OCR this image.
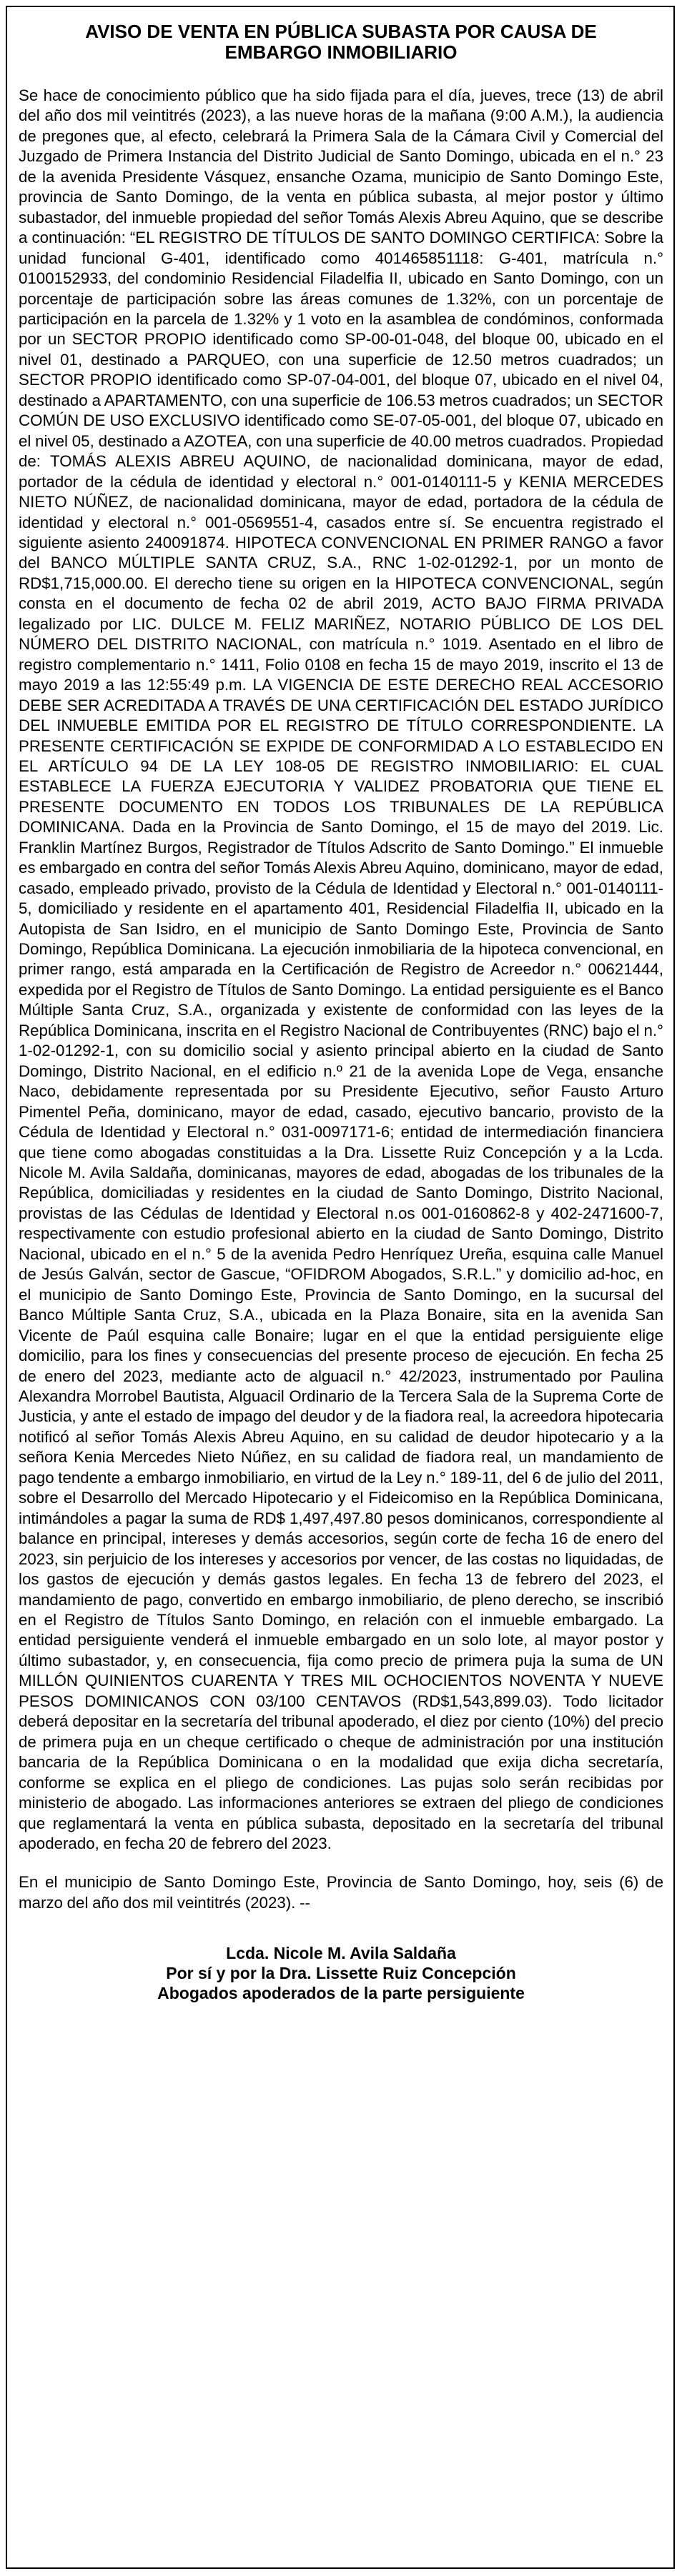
AVISO DE VENTA EN PÚBLICA SUBASTA POR CAUSA DE
EMBARGO INMOBILIARIO

Se hace de conocimiento público que ha sido fijada para el día, jueves, trece (13) de abril del año dos mil veintitrés (2023), a las nueve horas de la mañana (9:00 A.M.), la audiencia de pregones que, al efecto, celebrará la Primera Sala de la Cámara Civil y Comercial del Juzgado de Primera Instancia del Distrito Judicial de Santo Domingo, ubicada en el n.° 23 de la avenida Presidente Vásquez, ensanche Ozama, municipio de Santo Domingo Este, provincia de Santo Domingo, de la venta en pública subasta, al mejor postor y último subastador, del inmueble propiedad del señor Tomás Alexis Abreu Aquino, que se describe a continuación: “EL REGISTRO DE TÍTULOS DE SANTO DOMINGO CERTIFICA: Sobre la unidad funcional G-401, identificado como 401465851118: G-401, matrícula n.° 0100152933, del condominio Residencial Filadelfia II, ubicado en Santo Domingo, con un porcentaje de participación sobre las áreas comunes de 1.32%, con un porcentaje de participación en la parcela de 1.32% y 1 voto en la asamblea de condóminos, conformada por un SECTOR PROPIO identificado como SP-00-01-048, del bloque 00, ubicado en el nivel 01, destinado a PARQUEO, con una superficie de 12.50 metros cuadrados; un SECTOR PROPIO identificado como SP-07-04-001, del bloque 07, ubicado en el nivel 04, destinado a APARTAMENTO, con una superficie de 106.53 metros cuadrados; un SECTOR COMÚN DE USO EXCLUSIVO identificado como SE-07-05-001, del bloque 07, ubicado en el nivel 05, destinado a AZOTEA, con una superficie de 40.00 metros cuadrados. Propiedad de: TOMÁS ALEXIS ABREU AQUINO, de nacionalidad dominicana, mayor de edad, portador de la cédula de identidad y electoral n.° 001-0140111-5 y KENIA MERCEDES NIETO NÚÑEZ, de nacionalidad dominicana, mayor de edad, portadora de la cédula de identidad y electoral n.° 001-0569551-4, casados entre sí. Se encuentra registrado el siguiente asiento 240091874. HIPOTECA CONVENCIONAL EN PRIMER RANGO a favor del BANCO MÚLTIPLE SANTA CRUZ, S.A., RNC 1-02-01292-1, por un monto de RD$1,715,000.00. El derecho tiene su origen en la HIPOTECA CONVENCIONAL, según consta en el documento de fecha 02 de abril 2019, ACTO BAJO FIRMA PRIVADA legalizado por LIC. DULCE M. FELIZ MARIÑEZ, NOTARIO PÚBLICO DE LOS DEL NÚMERO DEL DISTRITO NACIONAL, con matrícula n.° 1019. Asentado en el libro de registro complementario n.° 1411, Folio 0108 en fecha 15 de mayo 2019, inscrito el 13 de mayo 2019 a las 12:55:49 p.m. LA VIGENCIA DE ESTE DERECHO REAL ACCESORIO DEBE SER ACREDITADA A TRAVÉS DE UNA CERTIFICACIÓN DEL ESTADO JURÍDICO DEL INMUEBLE EMITIDA POR EL REGISTRO DE TÍTULO CORRESPONDIENTE. LA PRESENTE CERTIFICACIÓN SE EXPIDE DE CONFORMIDAD A LO ESTABLECIDO EN EL ARTÍCULO 94 DE LA LEY 108-05 DE REGISTRO INMOBILIARIO: EL CUAL ESTABLECE LA FUERZA EJECUTORIA Y VALIDEZ PROBATORIA QUE TIENE EL PRESENTE DOCUMENTO EN TODOS LOS TRIBUNALES DE LA REPÚBLICA DOMINICANA. Dada en la Provincia de Santo Domingo, el 15 de mayo del 2019. Lic. Franklin Martínez Burgos, Registrador de Títulos Adscrito de Santo Domingo.” El inmueble es embargado en contra del señor Tomás Alexis Abreu Aquino, dominicano, mayor de edad, casado, empleado privado, provisto de la Cédula de Identidad y Electoral n.° 001-0140111-5, domiciliado y residente en el apartamento 401, Residencial Filadelfia II, ubicado en la Autopista de San Isidro, en el municipio de Santo Domingo Este, Provincia de Santo Domingo, República Dominicana. La ejecución inmobiliaria de la hipoteca convencional, en primer rango, está amparada en la Certificación de Registro de Acreedor n.° 00621444, expedida por el Registro de Títulos de Santo Domingo. La entidad persiguiente es el Banco Múltiple Santa Cruz, S.A., organizada y existente de conformidad con las leyes de la República Dominicana, inscrita en el Registro Nacional de Contribuyentes (RNC) bajo el n.° 1-02-01292-1, con su domicilio social y asiento principal abierto en la ciudad de Santo Domingo, Distrito Nacional, en el edificio n.º 21 de la avenida Lope de Vega, ensanche Naco, debidamente representada por su Presidente Ejecutivo, señor Fausto Arturo Pimentel Peña, dominicano, mayor de edad, casado, ejecutivo bancario, provisto de la Cédula de Identidad y Electoral n.° 031-0097171-6; entidad de intermediación financiera que tiene como abogadas constituidas a la Dra. Lissette Ruiz Concepción y a la Lcda. Nicole M. Avila Saldaña, dominicanas, mayores de edad, abogadas de los tribunales de la República, domiciliadas y residentes en la ciudad de Santo Domingo, Distrito Nacional, provistas de las Cédulas de Identidad y Electoral n.os 001-0160862-8 y 402-2471600-7, respectivamente con estudio profesional abierto en la ciudad de Santo Domingo, Distrito Nacional, ubicado en el n.° 5 de la avenida Pedro Henríquez Ureña, esquina calle Manuel de Jesús Galván, sector de Gascue, “OFIDROM Abogados, S.R.L.” y domicilio ad-hoc, en el municipio de Santo Domingo Este, Provincia de Santo Domingo, en la sucursal del Banco Múltiple Santa Cruz, S.A., ubicada en la Plaza Bonaire, sita en la avenida San Vicente de Paúl esquina calle Bonaire; lugar en el que la entidad persiguiente elige domicilio, para los fines y consecuencias del presente proceso de ejecución. En fecha 25 de enero del 2023, mediante acto de alguacil n.° 42/2023, instrumentado por Paulina Alexandra Morrobel Bautista, Alguacil Ordinario de la Tercera Sala de la Suprema Corte de Justicia, y ante el estado de impago del deudor y de la fiadora real, la acreedora hipotecaria notificó al señor Tomás Alexis Abreu Aquino, en su calidad de deudor hipotecario y a la señora Kenia Mercedes Nieto Núñez, en su calidad de fiadora real, un mandamiento de pago tendente a embargo inmobiliario, en virtud de la Ley n.° 189-11, del 6 de julio del 2011, sobre el Desarrollo del Mercado Hipotecario y el Fideicomiso en la República Dominicana, intimándoles a pagar la suma de RD$ 1,497,497.80 pesos dominicanos, correspondiente al balance en principal, intereses y demás accesorios, según corte de fecha 16 de enero del 2023, sin perjuicio de los intereses y accesorios por vencer, de las costas no liquidadas, de los gastos de ejecución y demás gastos legales. En fecha 13 de febrero del 2023, el mandamiento de pago, convertido en embargo inmobiliario, de pleno derecho, se inscribió en el Registro de Títulos Santo Domingo, en relación con el inmueble embargado. La entidad persiguiente venderá el inmueble embargado en un solo lote, al mayor postor y último subastador, y, en consecuencia, fija como precio de primera puja la suma de UN MILLÓN QUINIENTOS CUARENTA Y TRES MIL OCHOCIENTOS NOVENTA Y NUEVE PESOS DOMINICANOS CON 03/100 CENTAVOS (RD$1,543,899.03). Todo licitador deberá depositar en la secretaría del tribunal apoderado, el diez por ciento (10%) del precio de primera puja en un cheque certificado o cheque de administración por una institución bancaria de la República Dominicana o en la modalidad que exija dicha secretaría, conforme se explica en el pliego de condiciones. Las pujas solo serán recibidas por ministerio de abogado. Las informaciones anteriores se extraen del pliego de condiciones que reglamentará la venta en pública subasta, depositado en la secretaría del tribunal apoderado, en fecha 20 de febrero del 2023.

En el municipio de Santo Domingo Este, Provincia de Santo Domingo, hoy, seis (6) de marzo del año dos mil veintitrés (2023). --

Lcda. Nicole M. Avila Saldaña
Por sí y por la Dra. Lissette Ruiz Concepción
Abogados apoderados de la parte persiguiente
